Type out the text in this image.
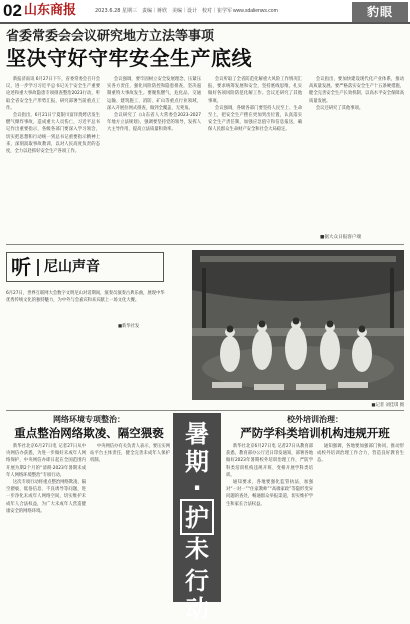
02 山东商报	2023.6.28 星期三　责编｜蒋欣　美编｜设计　校对｜崔学军 www.sdalienws.com	豹眼
省委常委会会议研究地方立法等事项
坚决守好守牢安全生产底线

新报济南讯 6月27日下午，省委常委会召开会议，进一步学习习近平总书记关于安全生产重要论述和重大事故隐患专项排查整治2023行动，听取全省安全生产形势汇报，研究部署当前重点工作。

会议指出，6月21日宁夏银川富洋烧烤店发生燃气爆炸事故，造成重大人员伤亡，习近平总书记作出重要指示，各级各部门要深入学习领会，切实把思想和行动统一到总书记重要指示精神上来，深刻汲取事故教训，以对人民高度负责的态度，全力以赴抓好安全生产各项工作。

会议强调，要牢固树立安全发展理念，压紧压实各方责任，强化风险防控和隐患排查，坚决遏制重特大事故发生。要聚焦燃气、危化品、交通运输、建筑施工、消防、矿山等重点行业领域，深入开展拉网式排查，做到全覆盖、无死角。

会议研究了《山东省人大常委会2023-2027年地方立法规划》，强调要坚持党的领导，发挥人大主导作用，提高立法质量和效率。

会议听取了全省防范化解重大风险工作情况汇报，要求统筹发展和安全，坚持底线思维，扎实做好各项风险防范化解工作。会议还研究了其他事项。

会议强调，各级各部门要坚持人民至上、生命至上，把安全生产摆在更加突出位置，认真落实安全生产责任制，加强应急值守和信息报送，确保人民群众生命财产安全和社会大局稳定。

会议指出，要加快建设现代化产业体系，推动高质量发展。要严格落实安全生产十五条硬措施，健全完善安全生产长效机制，以高水平安全保障高质量发展。

会议还研究了其他事项。

■据大众日报客户端
听 尼山声音
6月27日，世界互联网大会数字文明尼山对话期间，演奏员演奏古典乐曲，展现中华优秀传统文化的独特魅力，为中外与会嘉宾和来宾献上一场文化大餐。
■新华社发
■记者 刘佳琪 摄
网络环境专项整治：
重点整治网络欺凌、隔空猥亵

新华社北京6月27日电 记者27日从中央网信办获悉，为进一步做好未成年人网络保护，中央网信办即日起在全国范围内开展为期2个月的“清朗·2023年暑期未成年人网络环境整治”专项行动。

这次专项行动将重点整治网络欺凌、隔空猥亵、低俗信息、不良诱导等问题，进一步净化未成年人网络空间，切实维护未成年人合法权益，为广大未成年人营造健康安全的网络环境。

中央网信办有关负责人表示，要压实网站平台主体责任，健全完善未成年人保护机制。

暑
期
·
护
未
行
动
校外培训治理：
严防学科类培训机构违规开班

新华社北京6月27日电 记者27日从教育部获悉，教育部办公厅近日印发通知，部署各地做好2023年暑期校外培训治理工作，严防学科类培训机构违规开班、变相开展学科类培训。

通知要求，各地要强化监管执法，加强对“一对一”“住家教师”“高端家政”等隐形变异问题的查处，畅通群众举报渠道，切实维护学生和家长合法权益。

通知强调，各地要加强部门协同，推动形成校外培训治理工作合力，营造良好教育生态。
